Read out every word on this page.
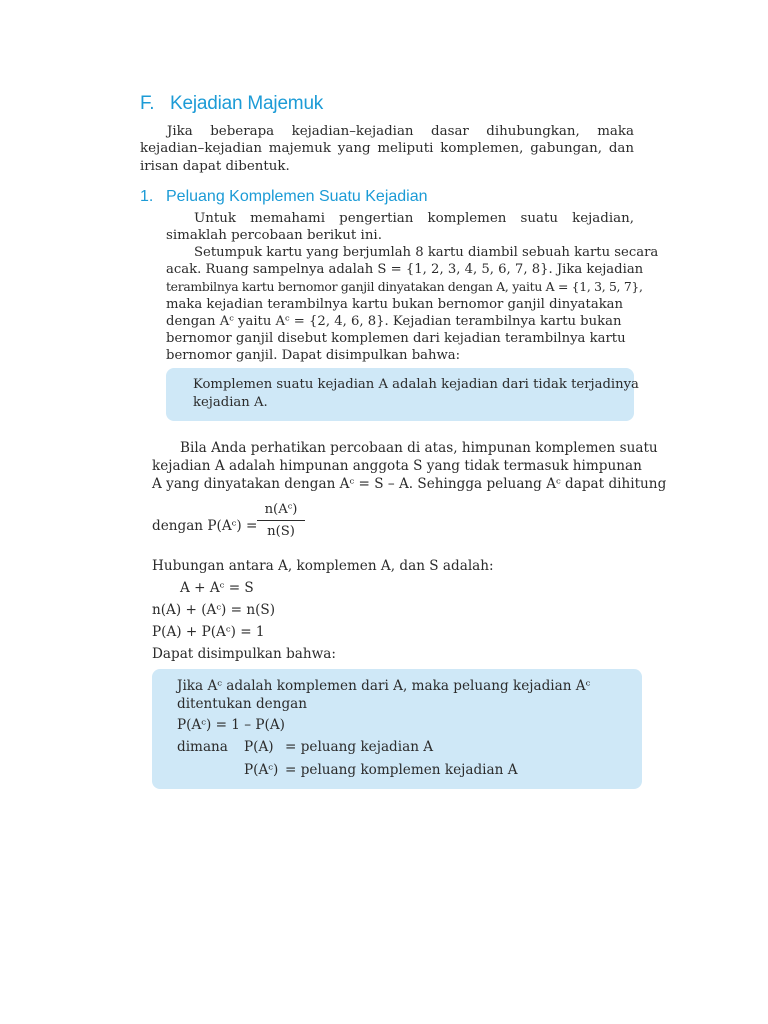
F. Kejadian Majemuk

Jika beberapa kejadian–kejadian dasar dihubungkan, maka kejadian–kejadian majemuk yang meliputi komplemen, gabungan, dan irisan dapat dibentuk.

1. Peluang Komplemen Suatu Kejadian

Untuk memahami pengertian komplemen suatu kejadian, simaklah percobaan berikut ini.

Setumpuk kartu yang berjumlah 8 kartu diambil sebuah kartu secara
acak. Ruang sampelnya adalah S = {1, 2, 3, 4, 5, 6, 7, 8}. Jika kejadian
terambilnya kartu bernomor ganjil dinyatakan dengan A, yaitu A = {1, 3, 5, 7},
maka kejadian terambilnya kartu bukan bernomor ganjil dinyatakan
dengan Aᶜ yaitu Aᶜ = {2, 4, 6, 8}. Kejadian terambilnya kartu bukan
bernomor ganjil disebut komplemen dari kejadian terambilnya kartu
bernomor ganjil. Dapat disimpulkan bahwa:
Komplemen suatu kejadian A adalah kejadian dari tidak terjadinya
kejadian A.
Bila Anda perhatikan percobaan di atas, himpunan komplemen suatu
kejadian A adalah himpunan anggota S yang tidak termasuk himpunan
A yang dinyatakan dengan Aᶜ = S – A. Sehingga peluang Aᶜ dapat dihitung
dengan P(Aᶜ) = $\frac{\text{n(Aᶜ)}}{n(S)}$
Hubungan antara A, komplemen A, dan S adalah:
A + Aᶜ = S
n(A) + (Aᶜ) = n(S)
P(A) + P(Aᶜ) = 1
Dapat disimpulkan bahwa:
Jika Aᶜ adalah komplemen dari A, maka peluang kejadian Aᶜ
ditentukan dengan
P(Aᶜ) = 1 – P(A)
dimana P(A) = peluang kejadian A
P(Aᶜ) = peluang komplemen kejadian A
